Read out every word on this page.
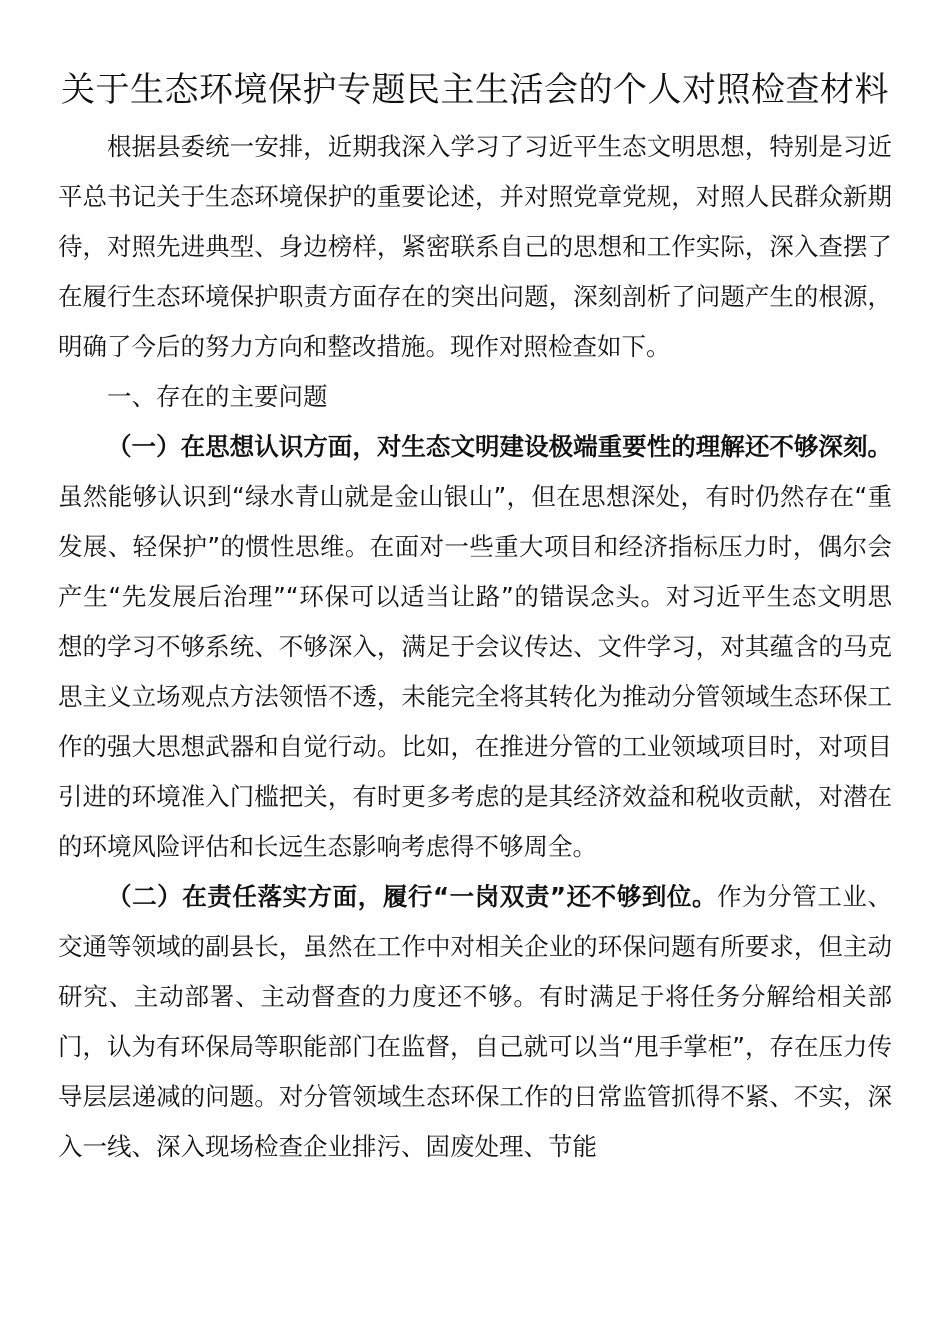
关于生态环境保护专题民主生活会的个人对照检查材料

根据县委统一安排，近期我深入学习了习近平生态文明思想，特别是习近平总书记关于生态环境保护的重要论述，并对照党章党规，对照人民群众新期待，对照先进典型、身边榜样，紧密联系自己的思想和工作实际，深入查摆了在履行生态环境保护职责方面存在的突出问题，深刻剖析了问题产生的根源，明确了今后的努力方向和整改措施。现作对照检查如下。

一、存在的主要问题

（一）在思想认识方面，对生态文明建设极端重要性的理解还不够深刻。虽然能够认识到“绿水青山就是金山银山”，但在思想深处，有时仍然存在“重发展、轻保护”的惯性思维。在面对一些重大项目和经济指标压力时，偶尔会产生“先发展后治理”“环保可以适当让路”的错误念头。对习近平生态文明思想的学习不够系统、不够深入，满足于会议传达、文件学习，对其蕴含的马克思主义立场观点方法领悟不透，未能完全将其转化为推动分管领域生态环保工作的强大思想武器和自觉行动。比如，在推进分管的工业领域项目时，对项目引进的环境准入门槛把关，有时更多考虑的是其经济效益和税收贡献，对潜在的环境风险评估和长远生态影响考虑得不够周全。

（二）在责任落实方面，履行“一岗双责”还不够到位。作为分管工业、交通等领域的副县长，虽然在工作中对相关企业的环保问题有所要求，但主动研究、主动部署、主动督查的力度还不够。有时满足于将任务分解给相关部门，认为有环保局等职能部门在监督，自己就可以当“甩手掌柜”，存在压力传导层层递减的问题。对分管领域生态环保工作的日常监管抓得不紧、不实，深入一线、深入现场检查企业排污、固废处理、节能
